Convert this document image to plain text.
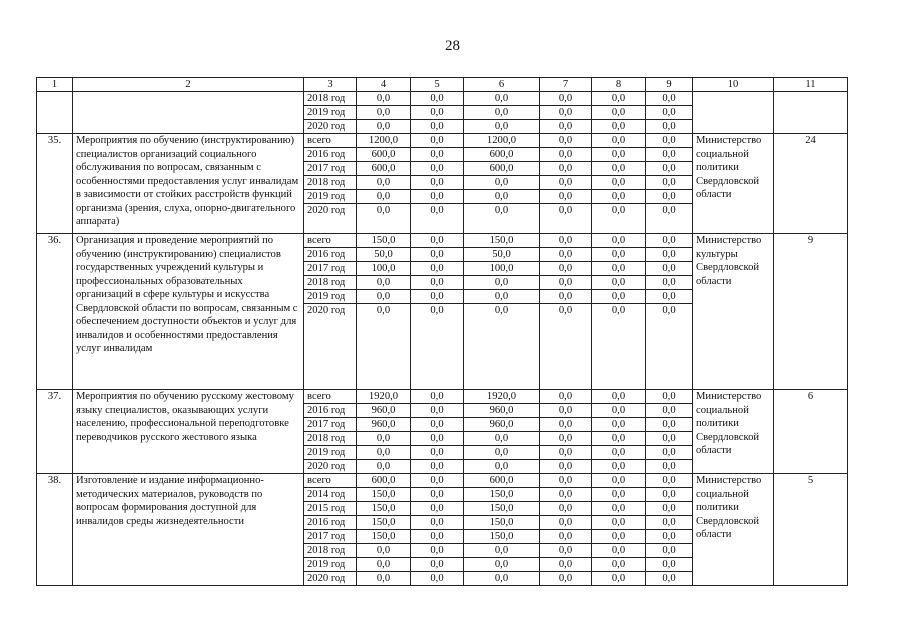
28
1	2	3	4	5	6	7	8	9	10	11
		2018 год	0,0	0,0	0,0	0,0	0,0	0,0		
		2019 год	0,0	0,0	0,0	0,0	0,0	0,0		
		2020 год	0,0	0,0	0,0	0,0	0,0	0,0		
35.	Мероприятия по обучению (инструктированию) специалистов организаций социального обслуживания по вопросам, связанным с особенностями предоставления услуг инвалидам в зависимости от стойких расстройств функций организма (зрения, слуха, опорно-двигательного аппарата)	всего	1200,0	0,0	1200,0	0,0	0,0	0,0	Министерство социальной политики Свердловской области	24
		2016 год	600,0	0,0	600,0	0,0	0,0	0,0		
		2017 год	600,0	0,0	600,0	0,0	0,0	0,0		
		2018 год	0,0	0,0	0,0	0,0	0,0	0,0		
		2019 год	0,0	0,0	0,0	0,0	0,0	0,0		
		2020 год	0,0	0,0	0,0	0,0	0,0	0,0		
36.	Организация и проведение мероприятий по обучению (инструктированию) специалистов государственных учреждений культуры и профессиональных образовательных организаций в сфере культуры и искусства Свердловской области по вопросам, связанным с обеспечением доступности объектов и услуг для инвалидов и особенностями предоставления услуг инвалидам	всего	150,0	0,0	150,0	0,0	0,0	0,0	Министерство культуры Свердловской области	9
		2016 год	50,0	0,0	50,0	0,0	0,0	0,0		
		2017 год	100,0	0,0	100,0	0,0	0,0	0,0		
		2018 год	0,0	0,0	0,0	0,0	0,0	0,0		
		2019 год	0,0	0,0	0,0	0,0	0,0	0,0		
		2020 год	0,0	0,0	0,0	0,0	0,0	0,0		
37.	Мероприятия по обучению русскому жестовому языку специалистов, оказывающих услуги населению, профессиональной переподготовке переводчиков русского жестового языка	всего	1920,0	0,0	1920,0	0,0	0,0	0,0	Министерство социальной политики Свердловской области	6
		2016 год	960,0	0,0	960,0	0,0	0,0	0,0		
		2017 год	960,0	0,0	960,0	0,0	0,0	0,0		
		2018 год	0,0	0,0	0,0	0,0	0,0	0,0		
		2019 год	0,0	0,0	0,0	0,0	0,0	0,0		
		2020 год	0,0	0,0	0,0	0,0	0,0	0,0		
38.	Изготовление и издание информационно-методических материалов, руководств по вопросам формирования доступной для инвалидов среды жизнедеятельности	всего	600,0	0,0	600,0	0,0	0,0	0,0	Министерство социальной политики Свердловской области	5
		2014 год	150,0	0,0	150,0	0,0	0,0	0,0		
		2015 год	150,0	0,0	150,0	0,0	0,0	0,0		
		2016 год	150,0	0,0	150,0	0,0	0,0	0,0		
		2017 год	150,0	0,0	150,0	0,0	0,0	0,0		
		2018 год	0,0	0,0	0,0	0,0	0,0	0,0		
		2019 год	0,0	0,0	0,0	0,0	0,0	0,0		
		2020 год	0,0	0,0	0,0	0,0	0,0	0,0		
